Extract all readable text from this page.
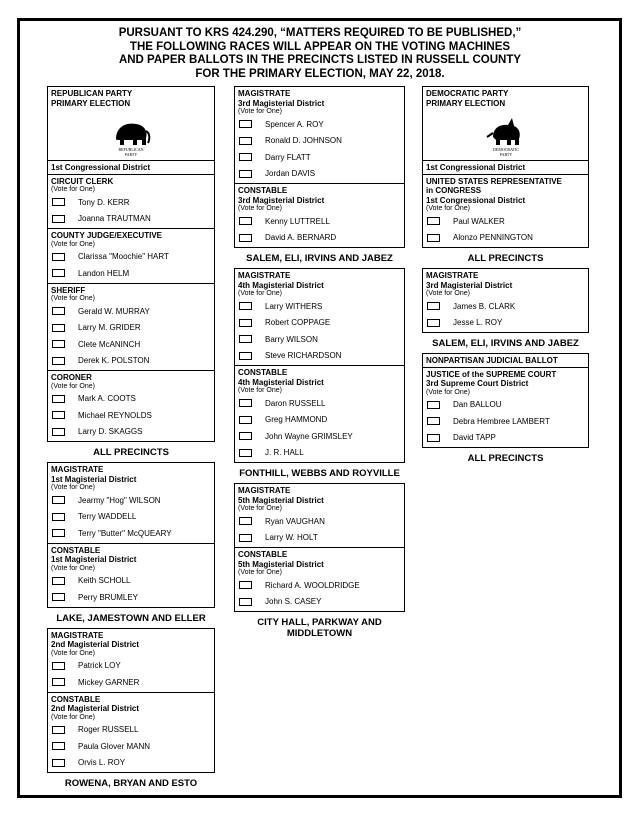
PURSUANT TO KRS 424.290, “MATTERS REQUIRED TO BE PUBLISHED,”
THE FOLLOWING RACES WILL APPEAR ON THE VOTING MACHINES
AND PAPER BALLOTS IN THE PRECINCTS LISTED IN RUSSELL COUNTY
FOR THE PRIMARY ELECTION, MAY 22, 2018.
REPUBLICAN PARTY
PRIMARY ELECTION
REPUBLICAN
PARTY
1st Congressional District
CIRCUIT CLERK
(Vote for One)
Tony D. KERR
Joanna TRAUTMAN
COUNTY JUDGE/EXECUTIVE
(Vote for One)
Clarissa "Moochie" HART
Landon HELM
SHERIFF
(Vote for One)
Gerald W. MURRAY
Larry M. GRIDER
Clete McANINCH
Derek K. POLSTON
CORONER
(Vote for One)
Mark A. COOTS
Michael REYNOLDS
Larry D. SKAGGS
ALL PRECINCTS
MAGISTRATE
1st Magisterial District
(Vote for One)
Jearmy "Hog" WILSON
Terry WADDELL
Terry "Butter" McQUEARY
CONSTABLE
1st Magisterial District
(Vote for One)
Keith SCHOLL
Perry BRUMLEY
LAKE, JAMESTOWN AND ELLER
MAGISTRATE
2nd Magisterial District
(Vote for One)
Patrick LOY
Mickey GARNER
CONSTABLE
2nd Magisterial District
(Vote for One)
Roger RUSSELL
Paula Glover MANN
Orvis L. ROY
ROWENA, BRYAN AND ESTO
MAGISTRATE
3rd Magisterial District
(Vote for One)
Spencer A. ROY
Ronald D. JOHNSON
Darry FLATT
Jordan DAVIS
CONSTABLE
3rd Magisterial District
(Vote for One)
Kenny LUTTRELL
David A. BERNARD
SALEM, ELI, IRVINS AND JABEZ
MAGISTRATE
4th Magisterial District
(Vote for One)
Larry WITHERS
Robert COPPAGE
Barry WILSON
Steve RICHARDSON
CONSTABLE
4th Magisterial District
(Vote for One)
Daron RUSSELL
Greg HAMMOND
John Wayne GRIMSLEY
J. R. HALL
FONTHILL, WEBBS AND ROYVILLE
MAGISTRATE
5th Magisterial District
(Vote for One)
Ryan VAUGHAN
Larry W. HOLT
CONSTABLE
5th Magisterial District
(Vote for One)
Richard A. WOOLDRIDGE
John S. CASEY
CITY HALL, PARKWAY AND MIDDLETOWN
DEMOCRATIC PARTY
PRIMARY ELECTION
DEMOCRATIC
PARTY
1st Congressional District
UNITED STATES REPRESENTATIVE
in CONGRESS
1st Congressional District
(Vote for One)
Paul WALKER
Alonzo PENNINGTON
ALL PRECINCTS
MAGISTRATE
3rd Magisterial District
(Vote for One)
James B. CLARK
Jesse L. ROY
SALEM, ELI, IRVINS AND JABEZ
NONPARTISAN JUDICIAL BALLOT
JUSTICE of the SUPREME COURT
3rd Supreme Court District
(Vote for One)
Dan BALLOU
Debra Hembree LAMBERT
David TAPP
ALL PRECINCTS
